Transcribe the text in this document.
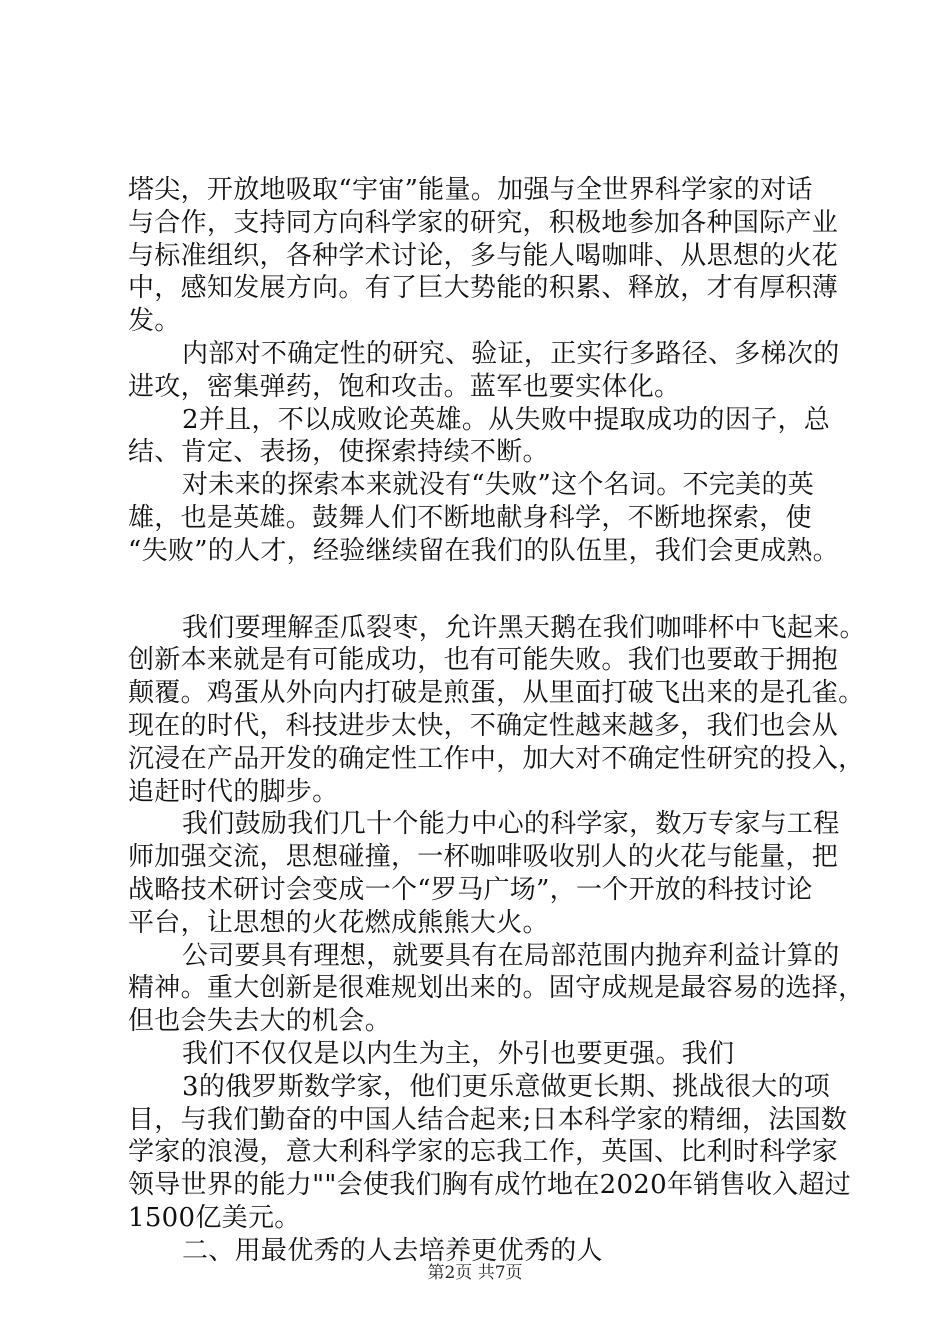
塔尖，开放地吸取“宇宙”能量。加强与全世界科学家的对话
与合作，支持同方向科学家的研究，积极地参加各种国际产业
与标准组织，各种学术讨论，多与能人喝咖啡、从思想的火花
中，感知发展方向。有了巨大势能的积累、释放，才有厚积薄
发。
内部对不确定性的研究、验证，正实行多路径、多梯次的
进攻，密集弹药，饱和攻击。蓝军也要实体化。
2并且，不以成败论英雄。从失败中提取成功的因子，总
结、肯定、表扬，使探索持续不断。
对未来的探索本来就没有“失败”这个名词。不完美的英
雄，也是英雄。鼓舞人们不断地献身科学，不断地探索，使
“失败”的人才，经验继续留在我们的队伍里，我们会更成熟。
我们要理解歪瓜裂枣，允许黑天鹅在我们咖啡杯中飞起来。
创新本来就是有可能成功，也有可能失败。我们也要敢于拥抱
颠覆。鸡蛋从外向内打破是煎蛋，从里面打破飞出来的是孔雀。
现在的时代，科技进步太快，不确定性越来越多，我们也会从
沉浸在产品开发的确定性工作中，加大对不确定性研究的投入，
追赶时代的脚步。
我们鼓励我们几十个能力中心的科学家，数万专家与工程
师加强交流，思想碰撞，一杯咖啡吸收别人的火花与能量，把
战略技术研讨会变成一个“罗马广场”，一个开放的科技讨论
平台，让思想的火花燃成熊熊大火。
公司要具有理想，就要具有在局部范围内抛弃利益计算的
精神。重大创新是很难规划出来的。固守成规是最容易的选择，
但也会失去大的机会。
我们不仅仅是以内生为主，外引也要更强。我们
3的俄罗斯数学家，他们更乐意做更长期、挑战很大的项
目，与我们勤奋的中国人结合起来;日本科学家的精细，法国数
学家的浪漫，意大利科学家的忘我工作，英国、比利时科学家
领导世界的能力""会使我们胸有成竹地在2020年销售收入超过
1500亿美元。
二、用最优秀的人去培养更优秀的人
第2页 共7页
